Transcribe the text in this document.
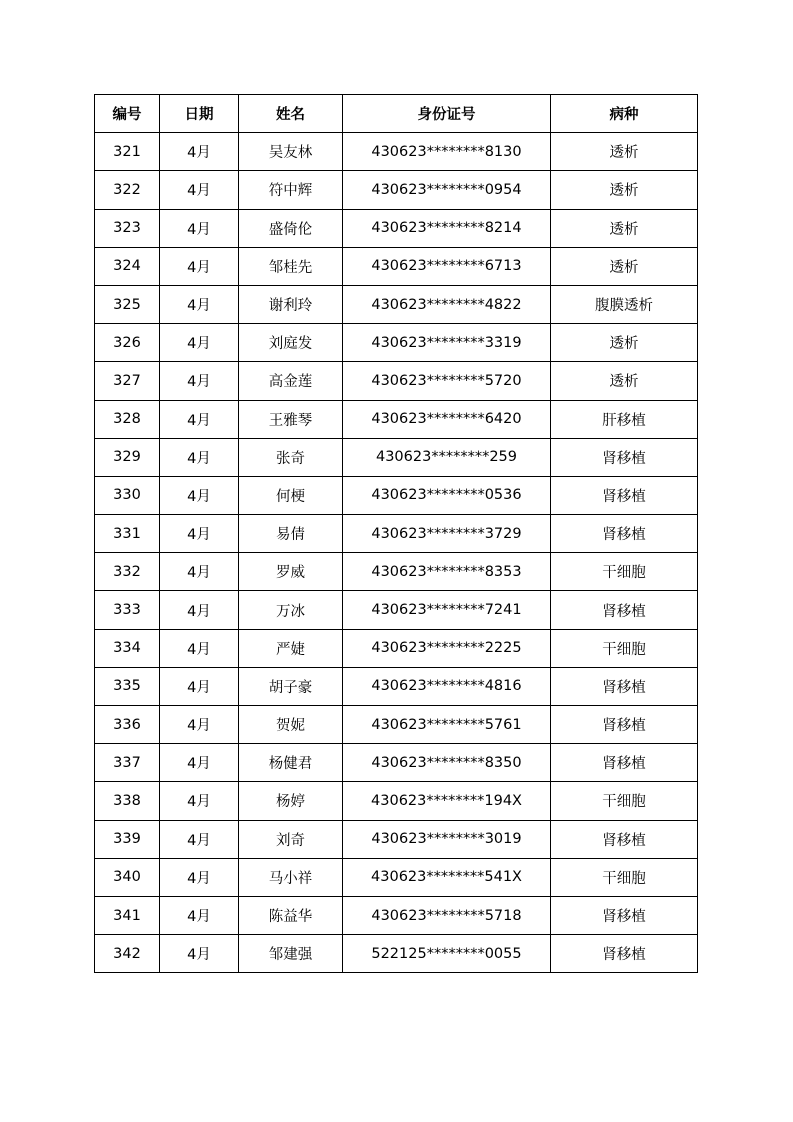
编号	日期	姓名	身份证号	病种
321	4月	吴友林	430623********8130	透析
322	4月	符中辉	430623********0954	透析
323	4月	盛倚伦	430623********8214	透析
324	4月	邹桂先	430623********6713	透析
325	4月	谢利玲	430623********4822	腹膜透析
326	4月	刘庭发	430623********3319	透析
327	4月	高金莲	430623********5720	透析
328	4月	王雅琴	430623********6420	肝移植
329	4月	张奇	430623********259	肾移植
330	4月	何梗	430623********0536	肾移植
331	4月	易倩	430623********3729	肾移植
332	4月	罗威	430623********8353	干细胞
333	4月	万冰	430623********7241	肾移植
334	4月	严婕	430623********2225	干细胞
335	4月	胡子豪	430623********4816	肾移植
336	4月	贺妮	430623********5761	肾移植
337	4月	杨健君	430623********8350	肾移植
338	4月	杨婷	430623********194X	干细胞
339	4月	刘奇	430623********3019	肾移植
340	4月	马小祥	430623********541X	干细胞
341	4月	陈益华	430623********5718	肾移植
342	4月	邹建强	522125********0055	肾移植
